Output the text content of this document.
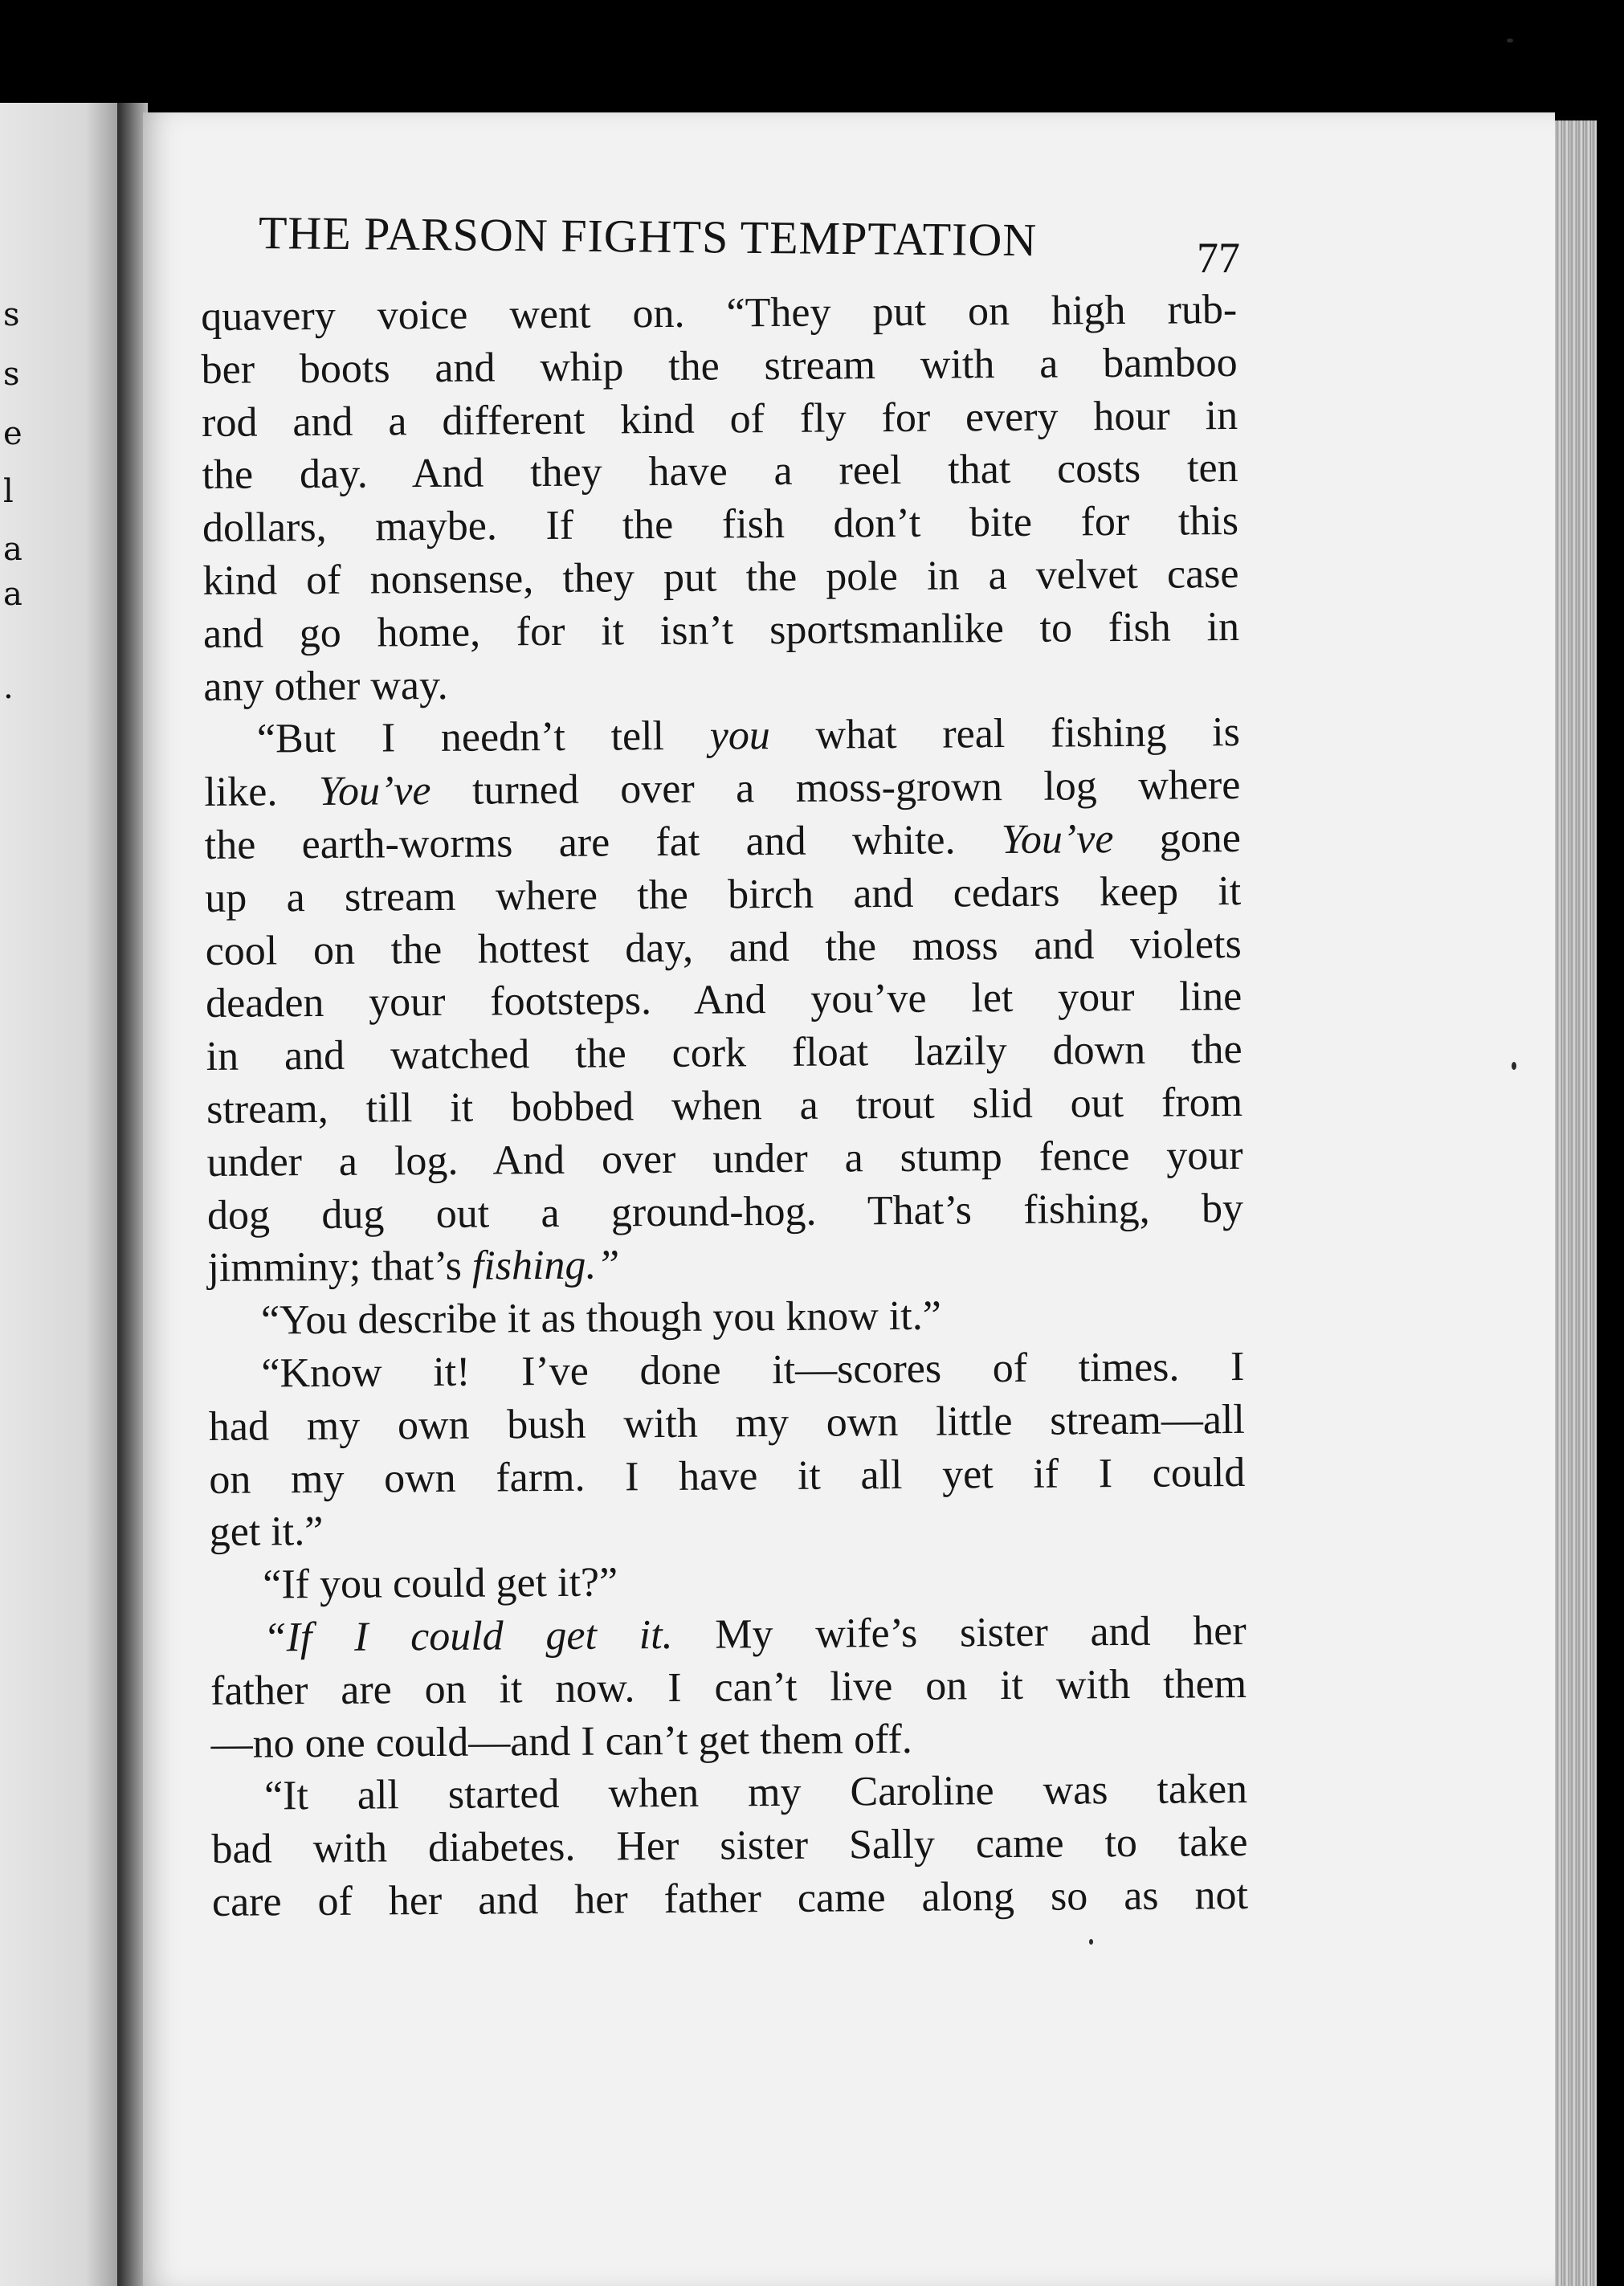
s
s
e
l
a
a
.
THE PARSON FIGHTS TEMPTATION	77
quavery voice went on. “They put on high rub-
ber boots and whip the stream with a bamboo
rod and a different kind of fly for every hour in
the day. And they have a reel that costs ten
dollars, maybe. If the fish don’t bite for this
kind of nonsense, they put the pole in a velvet case
and go home, for it isn’t sportsmanlike to fish in
any other way.
“But I needn’t tell you what real fishing is
like. You’ve turned over a moss-grown log where
the earth-worms are fat and white. You’ve gone
up a stream where the birch and cedars keep it
cool on the hottest day, and the moss and violets
deaden your footsteps. And you’ve let your line
in and watched the cork float lazily down the
stream, till it bobbed when a trout slid out from
under a log. And over under a stump fence your
dog dug out a ground-hog. That’s fishing, by
jimminy; that’s fishing.”
“You describe it as though you know it.”
“Know it! I’ve done it—scores of times. I
had my own bush with my own little stream—all
on my own farm. I have it all yet if I could
get it.”
“If you could get it?”
“If I could get it. My wife’s sister and her
father are on it now. I can’t live on it with them
—no one could—and I can’t get them off.
“It all started when my Caroline was taken
bad with diabetes. Her sister Sally came to take
care of her and her father came along so as not
